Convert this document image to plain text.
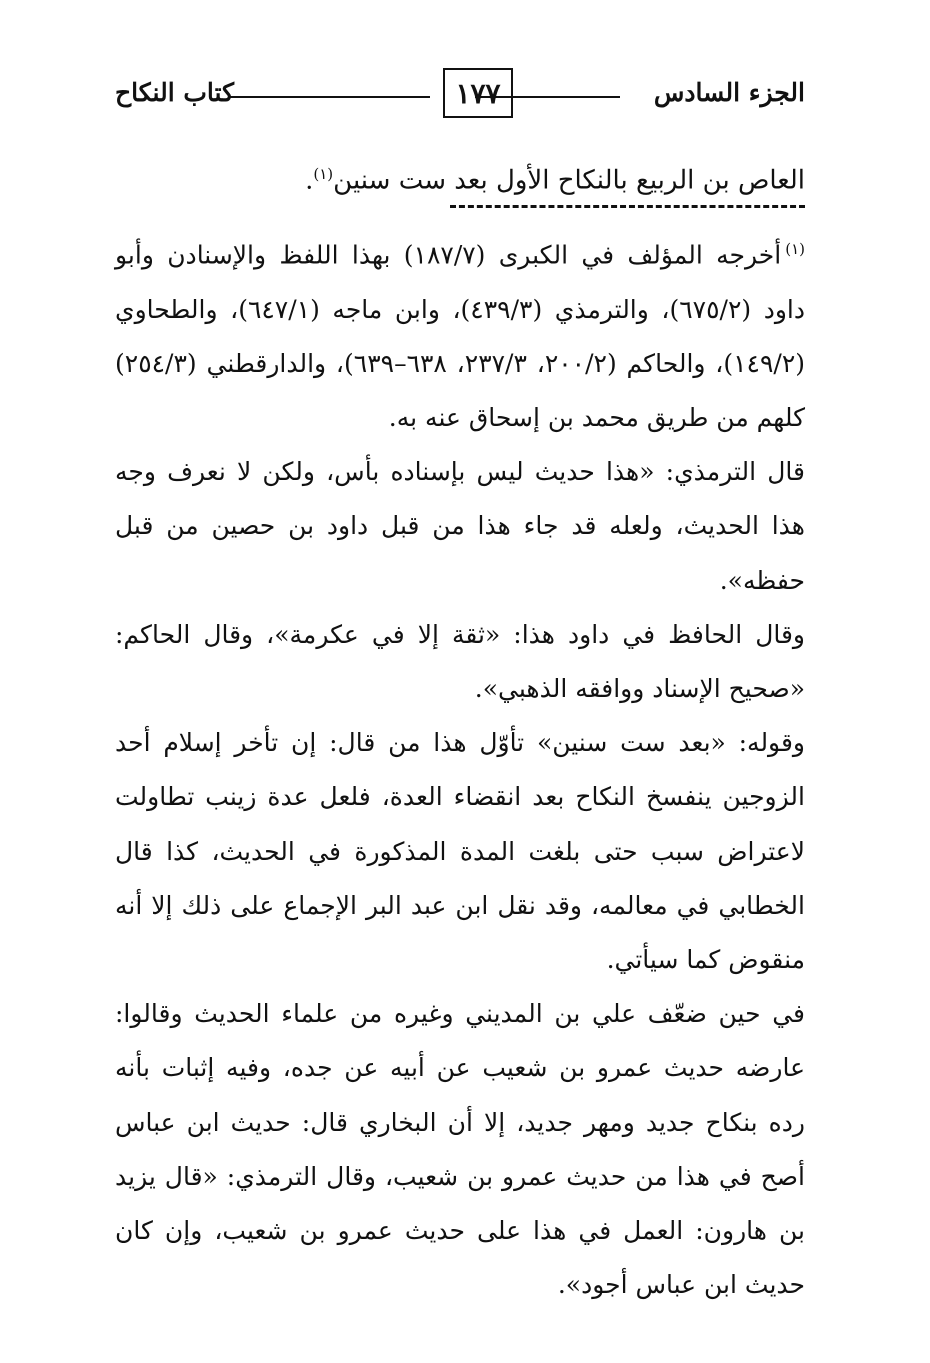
الجزء السادس
١٧٧
كتاب النكاح
العاص بن الربيع بالنكاح الأول بعد ست سنين$^{(١)}$.

$^{(١)}$أخرجه المؤلف في الكبرى (١٨٧/٧) بهذا اللفظ والإسنادن وأبو داود (٦٧٥/٢)، والترمذي (٤٣٩/٣)، وابن ماجه (٦٤٧/١)، والطحاوي (١٤٩/٢)، والحاكم (٢٠٠/٢، ٢٣٧/٣، ٦٣٨–٦٣٩)، والدارقطني (٢٥٤/٣) كلهم من طريق محمد بن إسحاق عنه به.

قال الترمذي: «هذا حديث ليس بإسناده بأس، ولكن لا نعرف وجه هذا الحديث، ولعله قد جاء هذا من قبل داود بن حصين من قبل حفظه».

وقال الحافظ في داود هذا: «ثقة إلا في عكرمة»، وقال الحاكم: «صحيح الإسناد ووافقه الذهبي».

وقوله: «بعد ست سنين» تأوّل هذا من قال: إن تأخر إسلام أحد الزوجين ينفسخ النكاح بعد انقضاء العدة، فلعل عدة زينب تطاولت لاعتراض سبب حتى بلغت المدة المذكورة في الحديث، كذا قال الخطابي في معالمه، وقد نقل ابن عبد البر الإجماع على ذلك إلا أنه منقوض كما سيأتي.

في حين ضعّف علي بن المديني وغيره من علماء الحديث وقالوا: عارضه حديث عمرو بن شعيب عن أبيه عن جده، وفيه إثبات بأنه رده بنكاح جديد ومهر جديد، إلا أن البخاري قال: حديث ابن عباس أصح في هذا من حديث عمرو بن شعيب، وقال الترمذي: «قال يزيد بن هارون: العمل في هذا على حديث عمرو بن شعيب، وإن كان حديث ابن عباس أجود».
